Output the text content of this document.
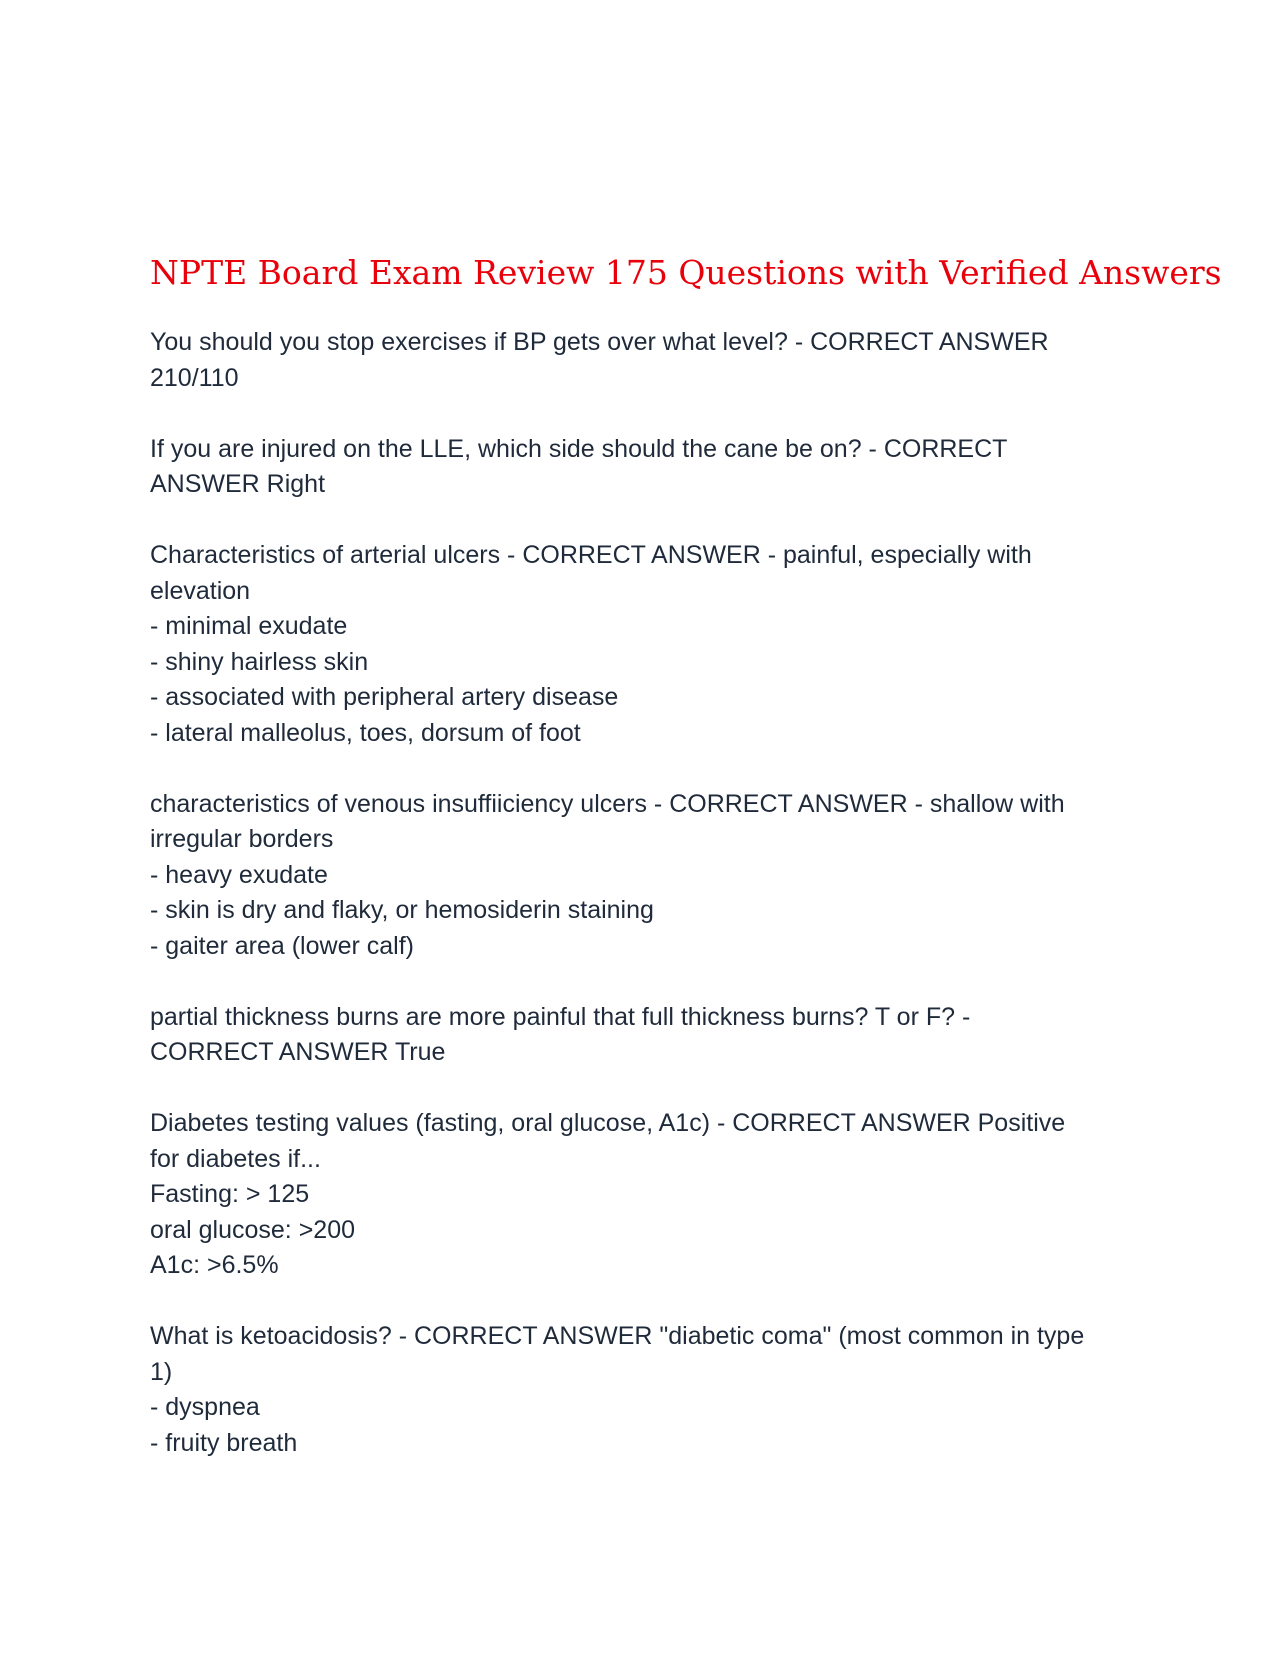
NPTE Board Exam Review 175 Questions with Verified Answers
You should you stop exercises if BP gets over what level? - CORRECT ANSWER
210/110
If you are injured on the LLE, which side should the cane be on? - CORRECT
ANSWER Right
Characteristics of arterial ulcers - CORRECT ANSWER - painful, especially with
elevation
- minimal exudate
- shiny hairless skin
- associated with peripheral artery disease
- lateral malleolus, toes, dorsum of foot
characteristics of venous insuffiiciency ulcers - CORRECT ANSWER - shallow with
irregular borders
- heavy exudate
- skin is dry and flaky, or hemosiderin staining
- gaiter area (lower calf)
partial thickness burns are more painful that full thickness burns? T or F? -
CORRECT ANSWER True
Diabetes testing values (fasting, oral glucose, A1c) - CORRECT ANSWER Positive
for diabetes if...
Fasting: > 125
oral glucose: >200
A1c: >6.5%
What is ketoacidosis? - CORRECT ANSWER "diabetic coma" (most common in type
1)
- dyspnea
- fruity breath
